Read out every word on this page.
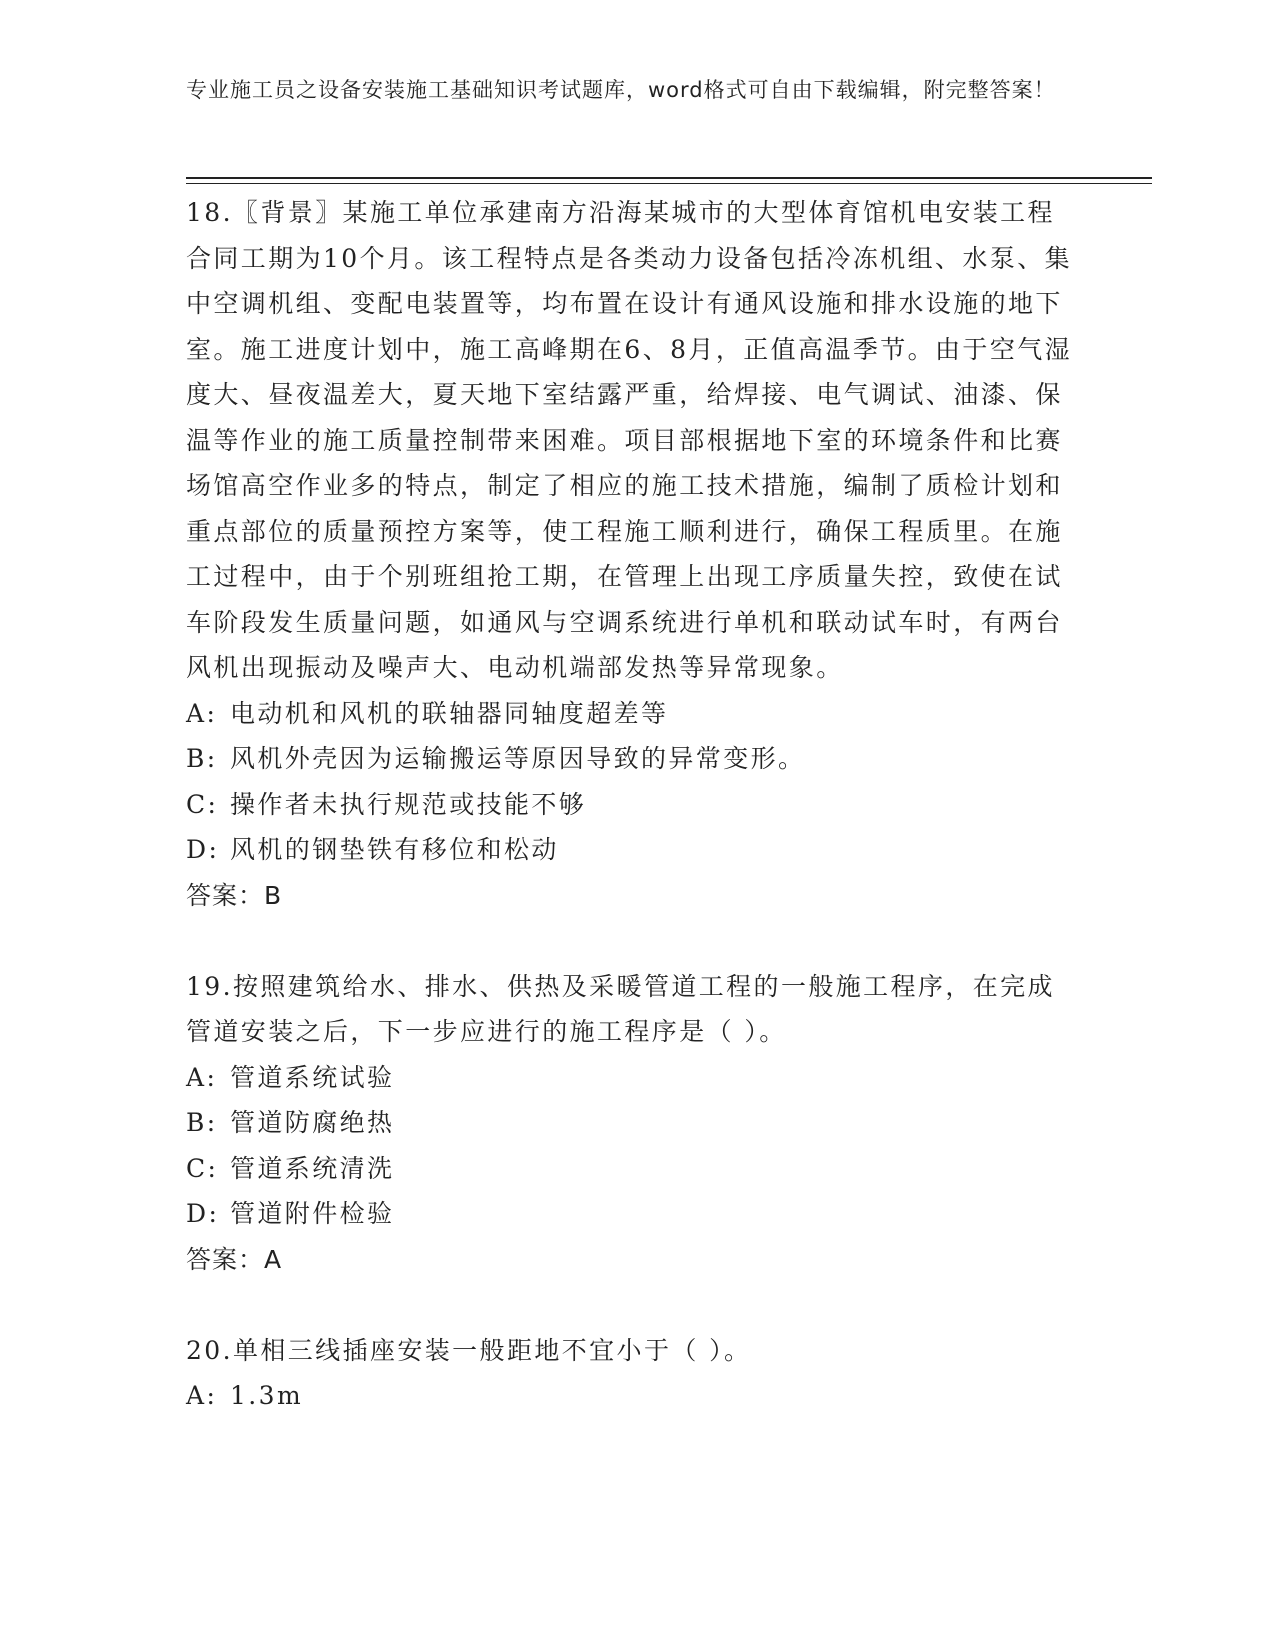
专业施工员之设备安装施工基础知识考试题库，word格式可自由下载编辑，附完整答案！

18.〖背景〗某施工单位承建南方沿海某城市的大型体育馆机电安装工程合同工期为10个月。该工程特点是各类动力设备包括冷冻机组、水泵、集中空调机组、变配电装置等，均布置在设计有通风设施和排水设施的地下室。施工进度计划中，施工高峰期在6、8月，正值高温季节。由于空气湿度大、昼夜温差大，夏天地下室结露严重，给焊接、电气调试、油漆、保温等作业的施工质量控制带来困难。项目部根据地下室的环境条件和比赛场馆高空作业多的特点，制定了相应的施工技术措施，编制了质检计划和重点部位的质量预控方案等，使工程施工顺利进行，确保工程质里。在施工过程中，由于个别班组抢工期，在管理上出现工序质量失控，致使在试车阶段发生质量问题，如通风与空调系统进行单机和联动试车时，有两台风机出现振动及噪声大、电动机端部发热等异常现象。

A: 电动机和风机的联轴器同轴度超差等

B: 风机外壳因为运输搬运等原因导致的异常变形。

C: 操作者未执行规范或技能不够

D: 风机的钢垫铁有移位和松动

答案：B

19.按照建筑给水、排水、供热及采暖管道工程的一般施工程序，在完成管道安装之后，下一步应进行的施工程序是（ ）。

A: 管道系统试验

B: 管道防腐绝热

C: 管道系统清洗

D: 管道附件检验

答案：A

20.单相三线插座安装一般距地不宜小于（ ）。

A: 1.3m
